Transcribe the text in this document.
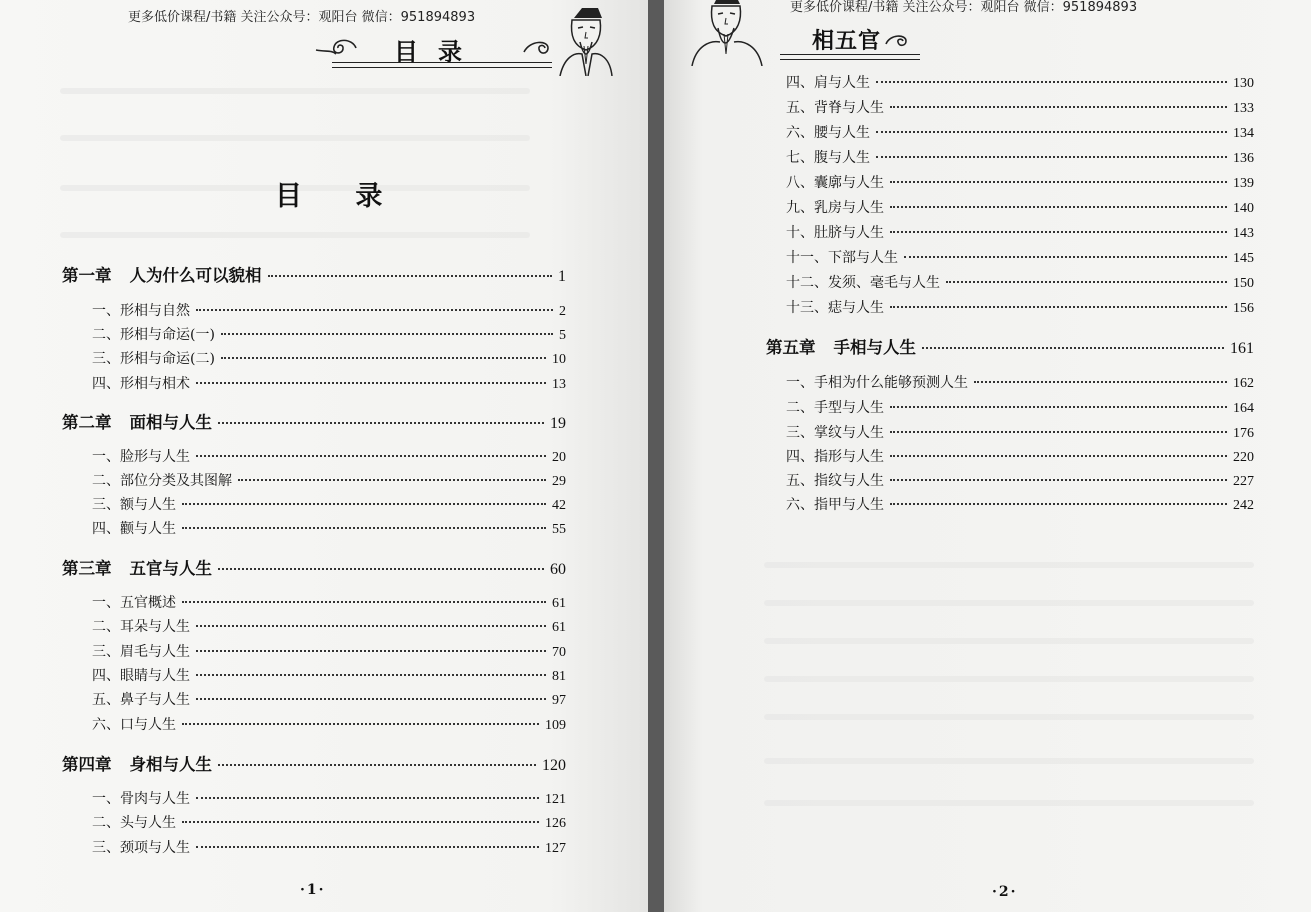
更多低价课程/书籍 关注公众号：观阳台 微信：951894893
目录
目 录
第一章 人为什么可以貌相	1
一、形相与自然	2
二、形相与命运(一)	5
三、形相与命运(二)	10
四、形相与相术	13
第二章 面相与人生	19
一、脸形与人生	20
二、部位分类及其图解	29
三、额与人生	42
四、颧与人生	55
第三章 五官与人生	60
一、五官概述	61
二、耳朵与人生	61
三、眉毛与人生	70
四、眼睛与人生	81
五、鼻子与人生	97
六、口与人生	109
第四章 身相与人生	120
一、骨肉与人生	121
二、头与人生	126
三、颈项与人生	127
·1·
更多低价课程/书籍 关注公众号：观阳台 微信：951894893
相五官
四、肩与人生	130
五、背脊与人生	133
六、腰与人生	134
七、腹与人生	136
八、囊廓与人生	139
九、乳房与人生	140
十、肚脐与人生	143
十一、下部与人生	145
十二、发须、毫毛与人生	150
十三、痣与人生	156
第五章 手相与人生	161
一、手相为什么能够预测人生	162
二、手型与人生	164
三、掌纹与人生	176
四、指形与人生	220
五、指纹与人生	227
六、指甲与人生	242
·2·
